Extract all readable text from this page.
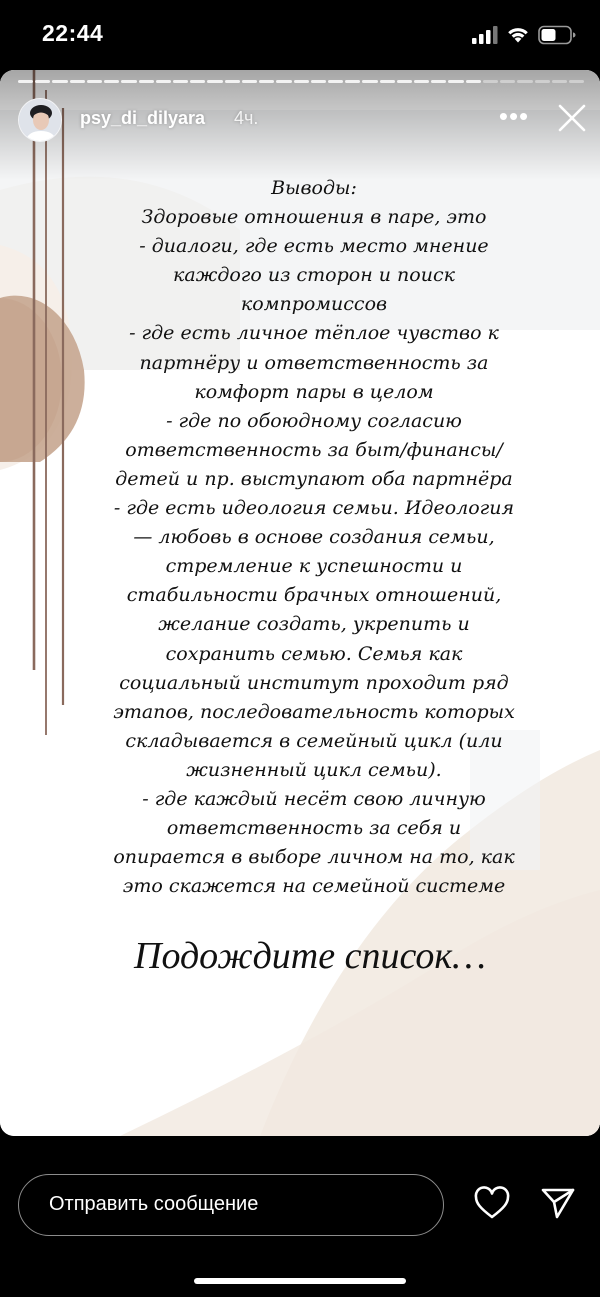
22:44
psy_di_dilyara 4ч.	•••
Выводы:
Здоровые отношения в паре, это
- диалоги, где есть место мнение
каждого из сторон и поиск
компромиссов
- где есть личное тёплое чувство к
партнёру и ответственность за
комфорт пары в целом
- где по обоюдному согласию
ответственность за быт/финансы/
детей и пр. выступают оба партнёра
- где есть идеология семьи. Идеология
— любовь в основе создания семьи,
стремление к успешности и
стабильности брачных отношений,
желание создать, укрепить и
сохранить семью. Семья как
социальный институт проходит ряд
этапов, последовательность которых
складывается в семейный цикл (или
жизненный цикл семьи).
- где каждый несёт свою личную
ответственность за себя и
опирается в выборе личном на то, как
это скажется на семейной системе
Подождите список…
Отправить сообщение
